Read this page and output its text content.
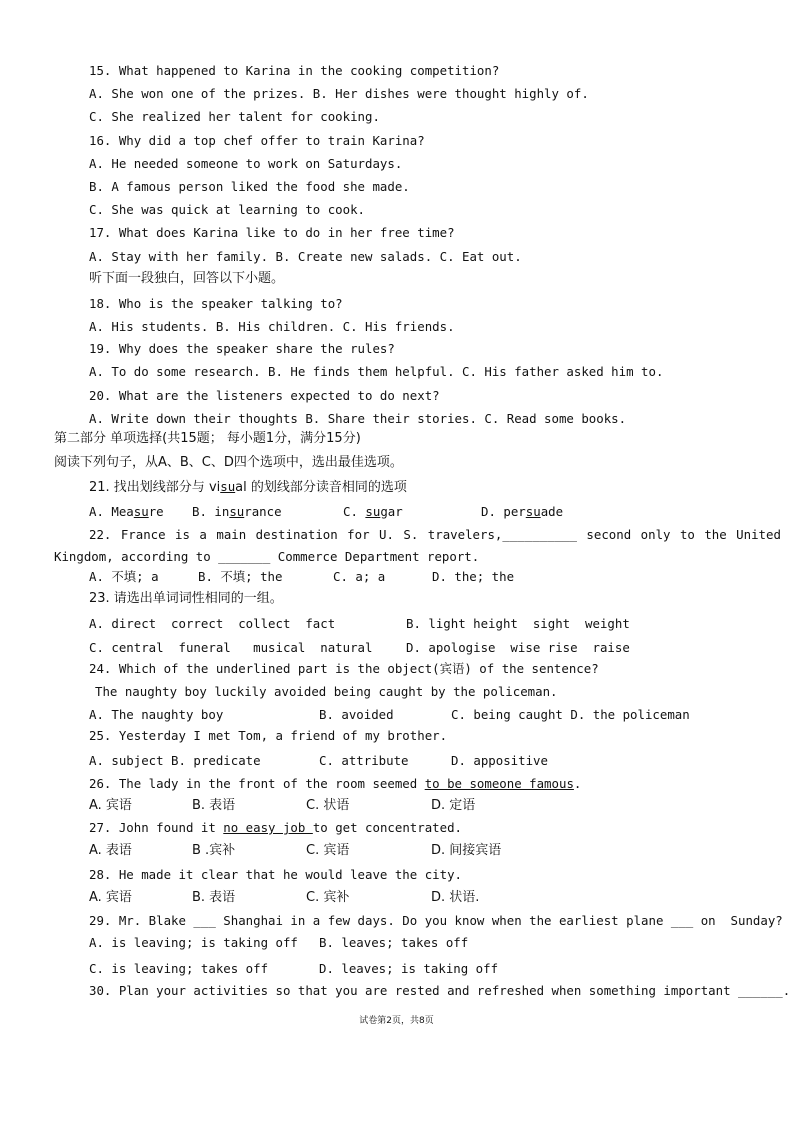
15. What happened to Karina in the cooking competition?
A. She won one of the prizes. B. Her dishes were thought highly of.
C. She realized her talent for cooking.
16. Why did a top chef offer to train Karina?
A. He needed someone to work on Saturdays.
B. A famous person liked the food she made.
C. She was quick at learning to cook.
17. What does Karina like to do in her free time?
A. Stay with her family. B. Create new salads. C. Eat out.
听下面一段独白，回答以下小题。
18. Who is the speaker talking to?
A. His students. B. His children. C. His friends.
19. Why does the speaker share the rules?
A. To do some research. B. He finds them helpful. C. His father asked him to.
20. What are the listeners expected to do next?
A. Write down their thoughts B. Share their stories. C. Read some books.
第二部分 单项选择(共15题； 每小题1分，满分15分)
阅读下列句子，从A、B、C、D四个选项中，选出最佳选项。
21. 找出划线部分与 visual 的划线部分读音相同的选项
A. Measure B. insurance	C. sugar	D. persuade
22. France is a main destination for U. S. travelers,__________ second only to the United
Kingdom, according to _______ Commerce Department report.
A. 不填; a	B. 不填; the	C. a; a	D. the; the
23. 请选出单词词性相同的一组。
A. direct  correct  collect  fact	B. light height  sight  weight
C. central  funeral   musical  natural	D. apologise  wise rise  raise
24. Which of the underlined part is the object(宾语) of the sentence?
The naughty boy luckily avoided being caught by the policeman.
A. The naughty boy	B. avoided	C. being caught D. the policeman
25. Yesterday I met Tom, a friend of my brother.
A. subject B. predicate	C. attribute	D. appositive
26. The lady in the front of the room seemed to be someone famous.
A. 宾语	B. 表语	C. 状语	D. 定语
27. John found it no easy job to get concentrated.
A. 表语	B .宾补	C. 宾语	D. 间接宾语
28. He made it clear that he would leave the city.
A. 宾语	B. 表语	C. 宾补	D. 状语.
29. Mr. Blake ___ Shanghai in a few days. Do you know when the earliest plane ___ on  Sunday?
A. is leaving; is taking off B. leaves; takes off
C. is leaving; takes off	D. leaves; is taking off
30. Plan your activities so that you are rested and refreshed when something important ______.
试卷第2页，共8页
